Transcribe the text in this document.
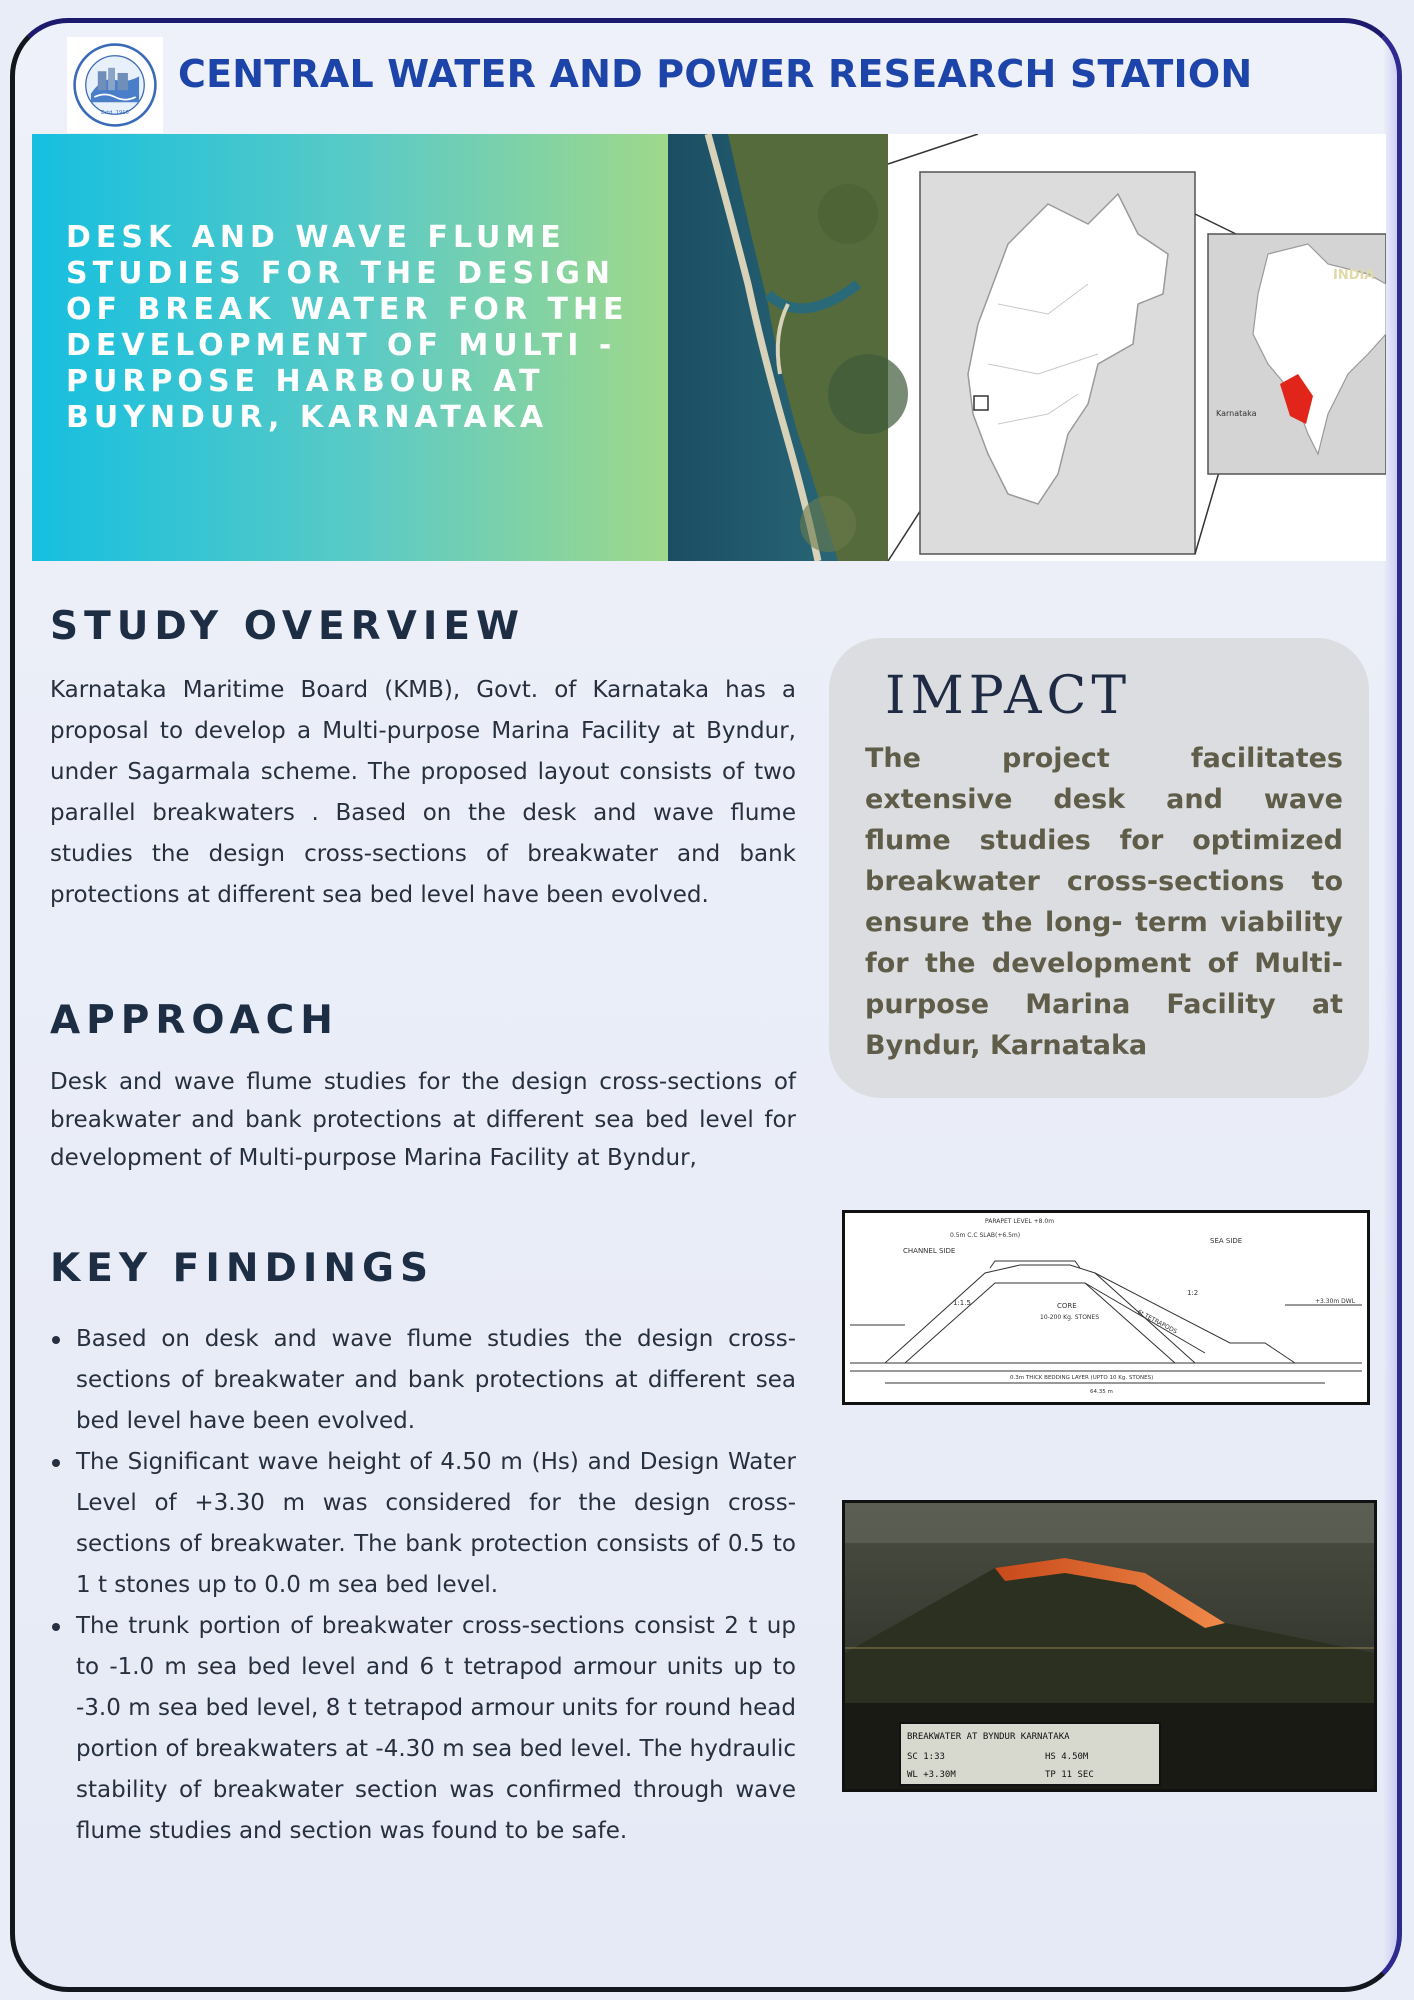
Estd. 1916
CENTRAL WATER AND POWER RESEARCH STATION
DESK AND WAVE FLUME STUDIES FOR THE DESIGN OF BREAK WATER FOR THE DEVELOPMENT OF MULTI - PURPOSE HARBOUR AT BUYNDUR, KARNATAKA
INDIA
Karnataka
STUDY OVERVIEW
Karnataka Maritime Board (KMB), Govt. of Karnataka has a proposal to develop a Multi-purpose Marina Facility at Byndur, under Sagarmala scheme. The proposed layout consists of two parallel breakwaters . Based on the desk and wave flume studies the design cross-sections of breakwater and bank protections at different sea bed level have been evolved.
APPROACH
Desk and wave flume studies for the design cross-sections of breakwater and bank protections at different sea bed level for development of Multi-purpose Marina Facility at Byndur,
KEY FINDINGS
Based on desk and wave flume studies the design cross-sections of breakwater and bank protections at different sea bed level have been evolved.
The Significant wave height of 4.50 m (Hs) and Design Water Level of +3.30 m was considered for the design cross-sections of breakwater. The bank protection consists of 0.5 to 1 t stones up to 0.0 m sea bed level.
The trunk portion of breakwater cross-sections consist 2 t up to -1.0 m sea bed level and 6 t tetrapod armour units up to -3.0 m sea bed level, 8 t tetrapod armour units for round head portion of breakwaters at -4.30 m sea bed level. The hydraulic stability of breakwater section was confirmed through wave flume studies and section was found to be safe.
IMPACT
The project facilitates extensive desk and wave flume studies for optimized breakwater cross-sections to ensure the long- term viability for the development of Multi-purpose Marina Facility at Byndur, Karnataka
CHANNEL SIDE
SEA SIDE
PARAPET LEVEL +8.0m
0.5m C.C SLAB(+6.5m)
CORE
10-200 Kg. STONES
1:1.5
1:2
6t TETRAPODS
0.3m THICK BEDDING LAYER (UPTO 10 Kg. STONES)
+3.30m DWL
64.35 m
BREAKWATER AT BYNDUR KARNATAKA
SC 1:33	HS 4.50M
WL +3.30M	TP 11 SEC
